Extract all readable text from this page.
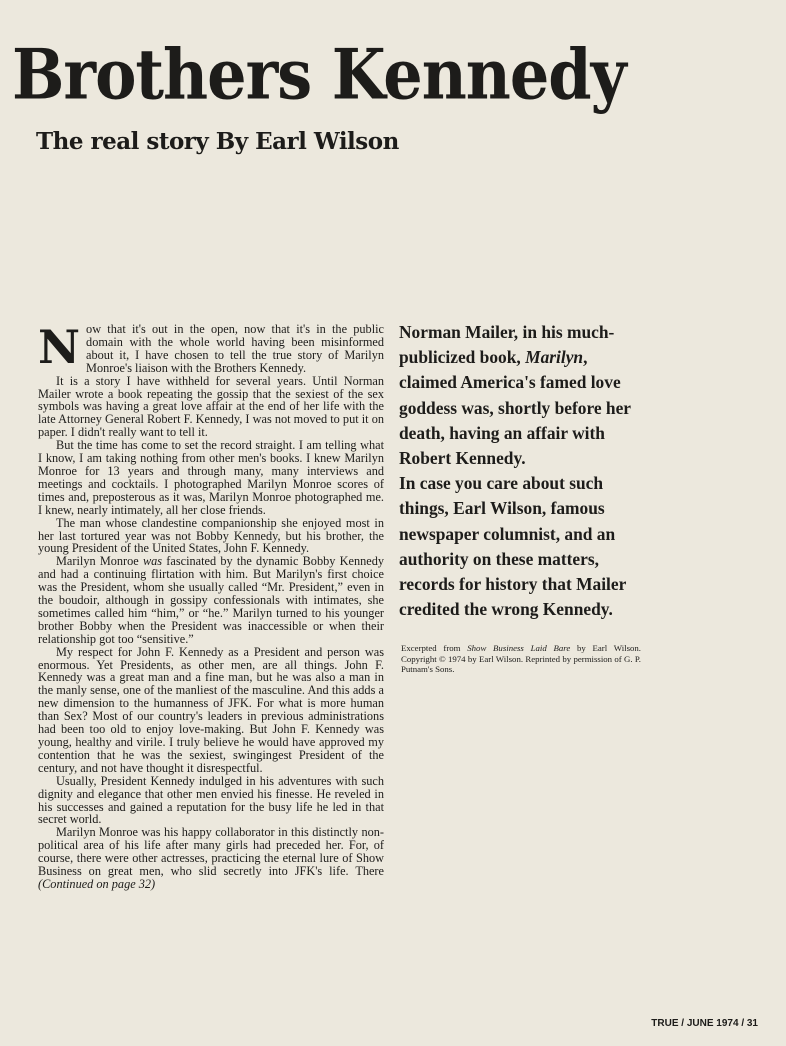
Brothers Kennedy
The real story By Earl Wilson

Now that it's out in the open, now that it's in the public domain with the whole world having been misinformed about it, I have chosen to tell the true story of Marilyn Monroe's liaison with the Brothers Kennedy.

It is a story I have withheld for several years. Until Norman Mailer wrote a book repeating the gossip that the sexiest of the sex symbols was having a great love affair at the end of her life with the late Attorney General Robert F. Kennedy, I was not moved to put it on paper. I didn't really want to tell it.

But the time has come to set the record straight. I am telling what I know, I am taking nothing from other men's books. I knew Marilyn Monroe for 13 years and through many, many interviews and meetings and cocktails. I photographed Marilyn Monroe scores of times and, preposterous as it was, Marilyn Monroe photographed me. I knew, nearly intimately, all her close friends.

The man whose clandestine companionship she enjoyed most in her last tortured year was not Bobby Kennedy, but his brother, the young President of the United States, John F. Kennedy.

Marilyn Monroe was fascinated by the dynamic Bobby Kennedy and had a continuing flirtation with him. But Marilyn's first choice was the President, whom she usually called “Mr. President,” even in the boudoir, although in gossipy confessionals with intimates, she sometimes called him “him,” or “he.” Marilyn turned to his younger brother Bobby when the President was inaccessible or when their relationship got too “sensitive.”

My respect for John F. Kennedy as a President and person was enormous. Yet Presidents, as other men, are all things. John F. Kennedy was a great man and a fine man, but he was also a man in the manly sense, one of the manliest of the masculine. And this adds a new dimension to the humanness of JFK. For what is more human than Sex? Most of our country's leaders in previous administrations had been too old to enjoy love-making. But John F. Kennedy was young, healthy and virile. I truly believe he would have approved my contention that he was the sexiest, swingingest President of the century, and not have thought it disrespectful.

Usually, President Kennedy indulged in his adventures with such dignity and elegance that other men envied his finesse. He reveled in his successes and gained a reputation for the busy life he led in that secret world.

Marilyn Monroe was his happy collaborator in this distinctly non-political area of his life after many girls had preceded her. For, of course, there were other actresses, practicing the eternal lure of Show Business on great men, who slid secretly into JFK's life. There (Continued on page 32)

Norman Mailer, in his much-publicized book, Marilyn, claimed America's famed love goddess was, shortly before her death, having an affair with Robert Kennedy.

In case you care about such things, Earl Wilson, famous newspaper columnist, and an authority on these matters, records for history that Mailer credited the wrong Kennedy.

Excerpted from Show Business Laid Bare by Earl Wilson. Copyright © 1974 by Earl Wilson. Reprinted by permission of G. P. Putnam's Sons.
TRUE / JUNE 1974 / 31
